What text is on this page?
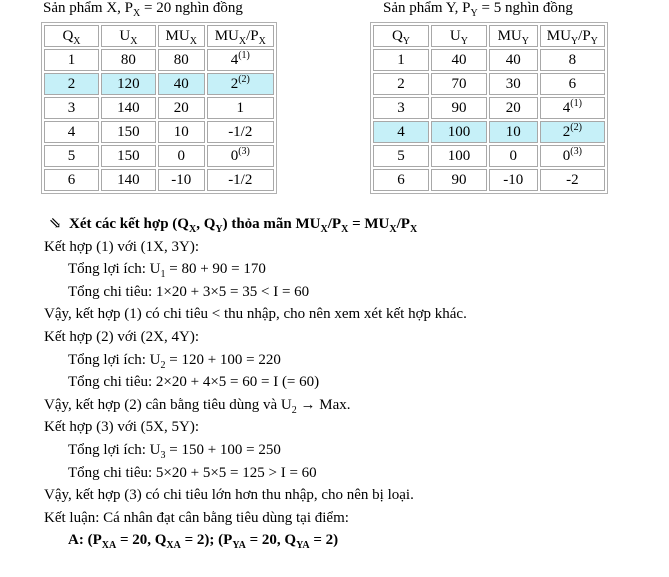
Sản phẩm X, $P_X = 20$ nghìn đồng	Sản phẩm Y, $P_Y = 5$ nghìn đồng
$Q_X$	$U_X$	$MU_X$	$MU_X/P_X$
1	80	80	4$^{(1)}$
2	120	40	2$^{(2)}$
3	140	20	1
4	150	10	-1/2
5	150	0	0$^{(3)}$
6	140	-10	-1/2
$Q_Y$	$U_Y$	$MU_Y$	$MU_Y/P_Y$
1	40	40	8
2	70	30	6
3	90	20	4$^{(1)}$
4	100	10	2$^{(2)}$
5	100	0	0$^{(3)}$
6	90	-10	-2
⇘ Xét các kết hợp ($Q_X$, $Q_Y$) thỏa mãn $MU_X/P_X = MU_X/P_X$
Kết hợp (1) với (1X, 3Y):
Tổng lợi ích: $U_1 = 80 + 90 = 170$
Tổng chi tiêu: 1×20 + 3×5 = 35 < I = 60
Vậy, kết hợp (1) có chi tiêu < thu nhập, cho nên xem xét kết hợp khác.
Kết hợp (2) với (2X, 4Y):
Tổng lợi ích: $U_2 = 120 + 100 = 220$
Tổng chi tiêu: 2×20 + 4×5 = 60 = I (= 60)
Vậy, kết hợp (2) cân bằng tiêu dùng và $U_2$ → Max.
Kết hợp (3) với (5X, 5Y):
Tổng lợi ích: $U_3 = 150 + 100 = 250$
Tổng chi tiêu: 5×20 + 5×5 = 125 > I = 60
Vậy, kết hợp (3) có chi tiêu lớn hơn thu nhập, cho nên bị loại.
Kết luận: Cá nhân đạt cân bằng tiêu dùng tại điểm:
A: ($P_{XA} = 20$, $Q_{XA} = 2$); ($P_{YA} = 20$, $Q_{YA} = 2$)
